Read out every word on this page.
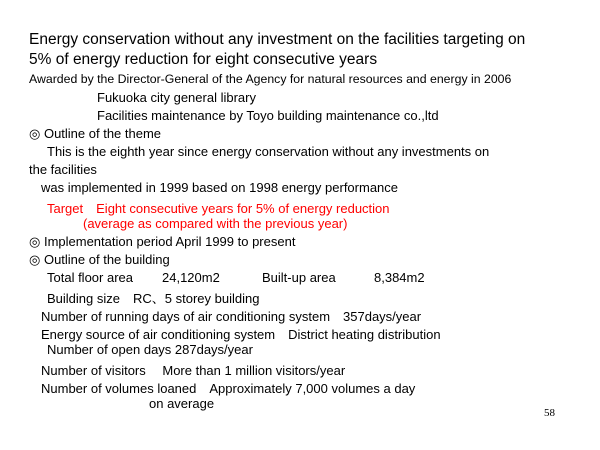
Energy conservation without any investment on the facilities targeting on
5% of energy reduction for eight consecutive years
Awarded by the Director-General of the Agency for natural resources and energy in 2006
Fukuoka city general library
Facilities maintenance by Toyo building maintenance co.,ltd
◎ Outline of the theme
This is the eighth year since energy conservation without any investments on
the facilities
was implemented in 1999 based on 1998 energy performance
Target　Eight consecutive years for 5% of energy reduction
(average as compared with the previous year)
◎ Implementation period April 1999 to present
◎ Outline of the building
Total floor area 24,120m2	Built-up area	8,384m2
Building size　RC、5 storey building
Number of running days of air conditioning system　357days/year
Energy source of air conditioning system　District heating distribution
Number of open days 287days/year
Number of visitors　 More than 1 million visitors/year
Number of volumes loaned　Approximately 7,000 volumes a day
on average
58
